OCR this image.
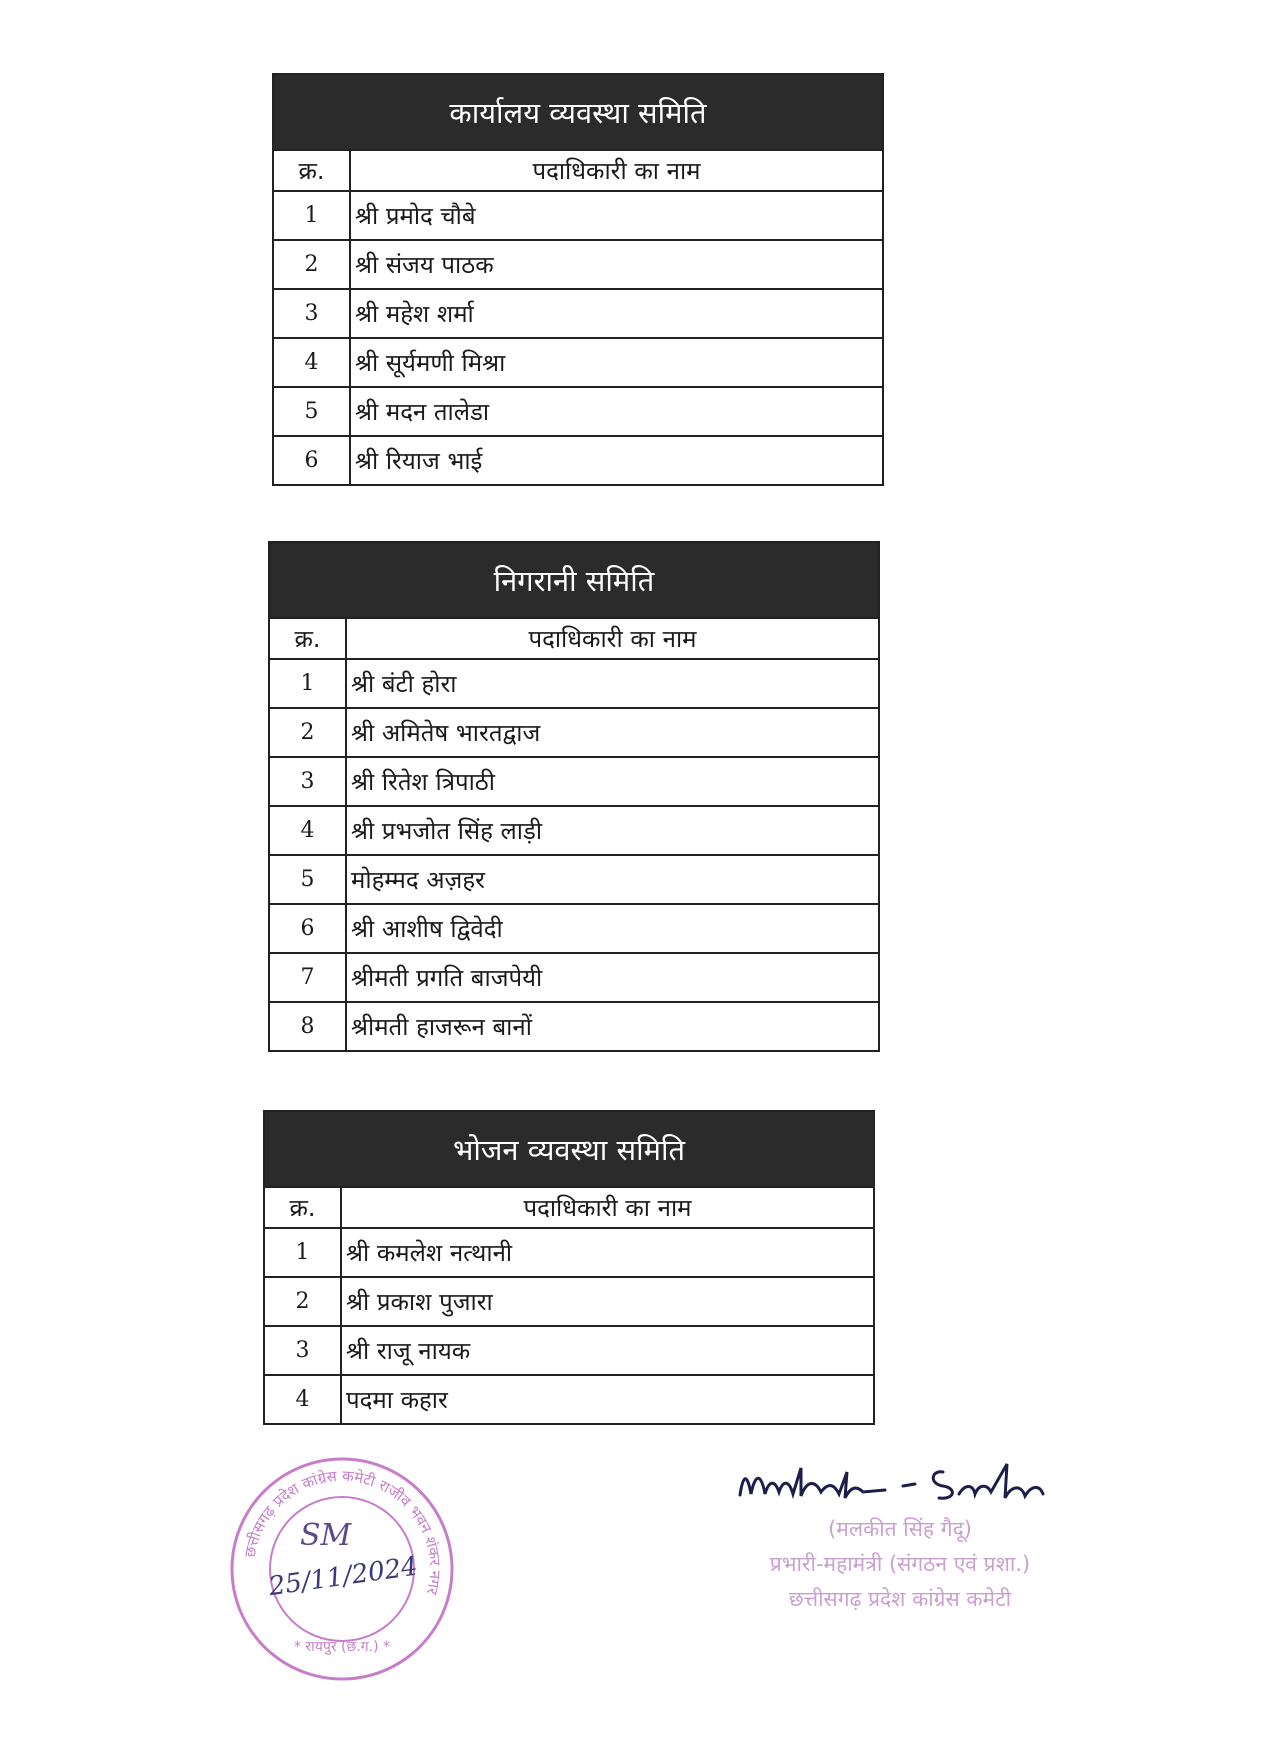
कार्यालय व्यवस्था समिति
क्र.	पदाधिकारी का नाम
1	श्री प्रमोद चौबे
2	श्री संजय पाठक
3	श्री महेश शर्मा
4	श्री सूर्यमणी मिश्रा
5	श्री मदन तालेडा
6	श्री रियाज भाई
निगरानी समिति
क्र.	पदाधिकारी का नाम
1	श्री बंटी होरा
2	श्री अमितेष भारतद्वाज
3	श्री रितेश त्रिपाठी
4	श्री प्रभजोत सिंह लाड़ी
5	मोहम्मद अज़हर
6	श्री आशीष द्विवेदी
7	श्रीमती प्रगति बाजपेयी
8	श्रीमती हाजरून बानों
भोजन व्यवस्था समिति
क्र.	पदाधिकारी का नाम
1	श्री कमलेश नत्थानी
2	श्री प्रकाश पुजारा
3	श्री राजू नायक
4	पदमा कहार
छत्तीसगढ़ प्रदेश कांग्रेस कमेटी राजीव भवन शंकर नगर
* रायपुर (छ.ग.) *
SM
25/11/2024
(मलकीत सिंह गैदू)
प्रभारी-महामंत्री (संगठन एवं प्रशा.)
छत्तीसगढ़ प्रदेश कांग्रेस कमेटी
